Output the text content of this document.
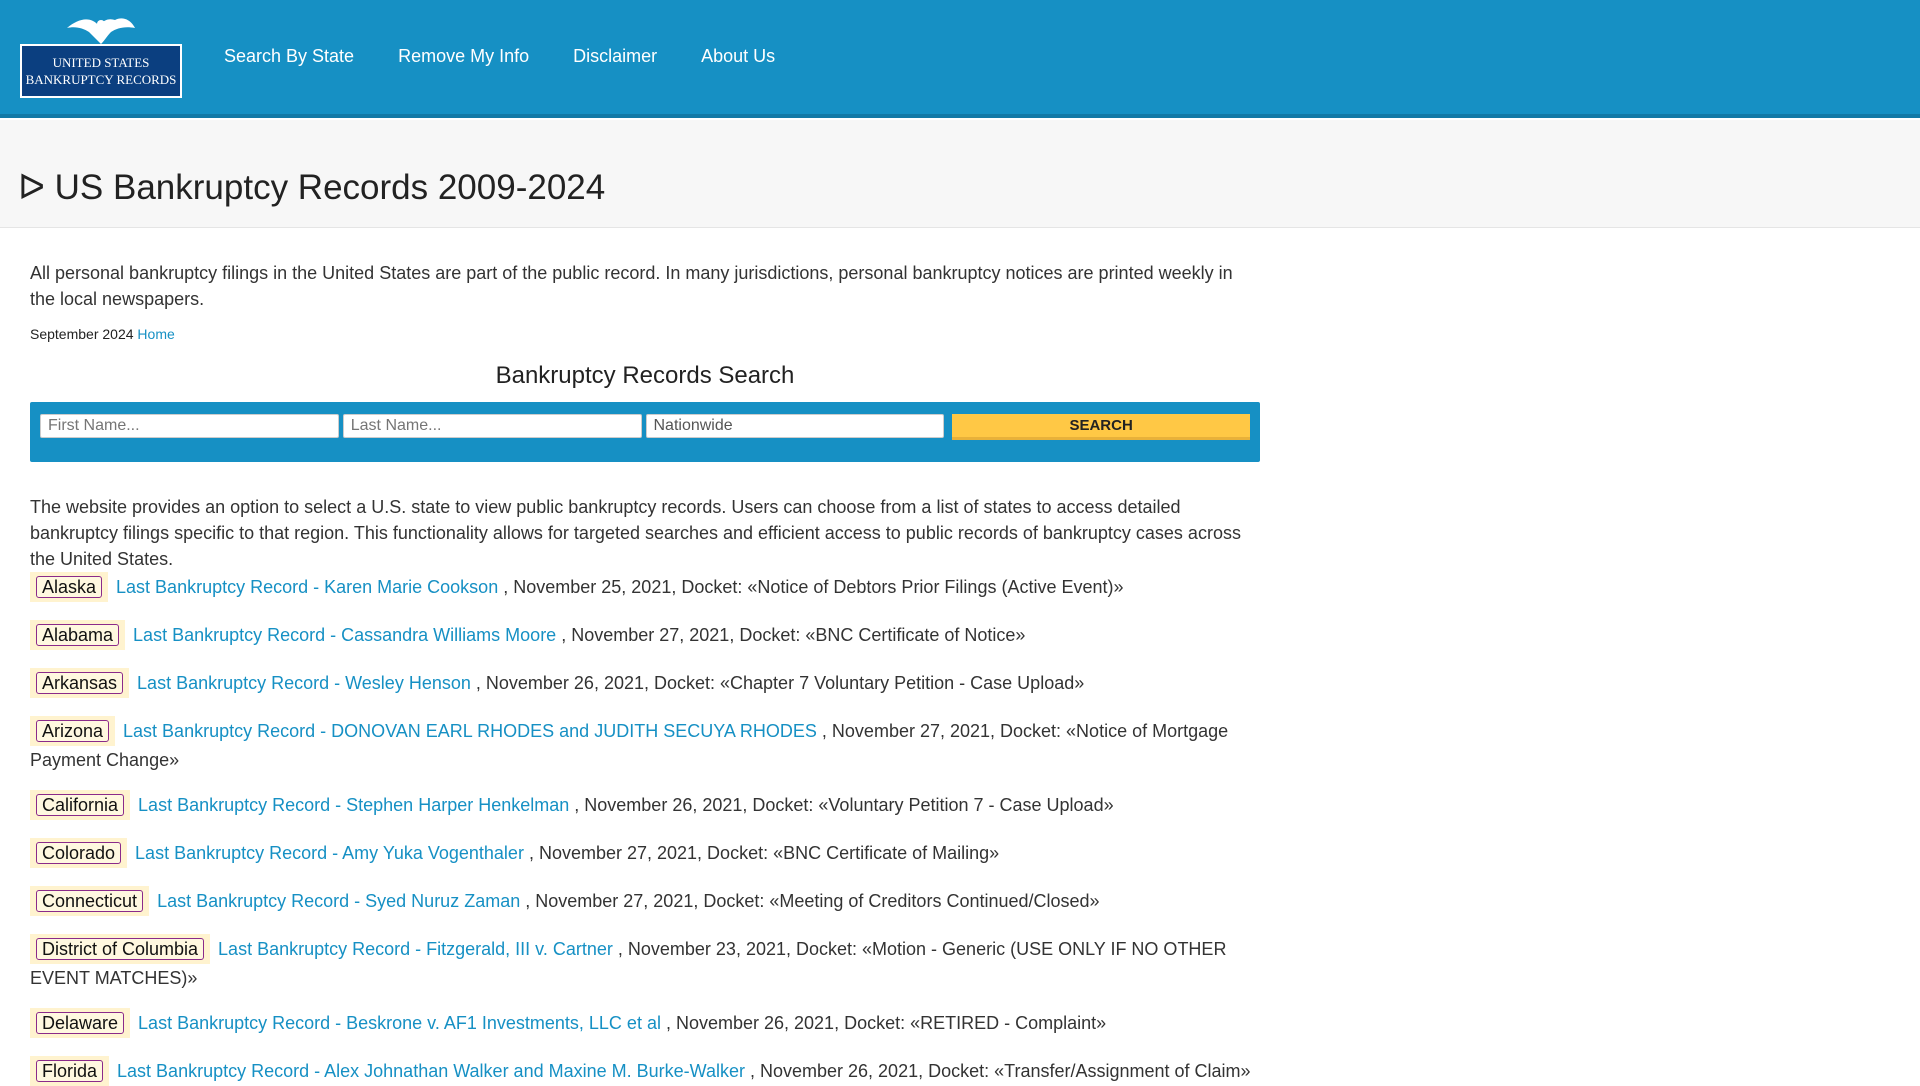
UNITED STATES
BANKRUPTCY RECORDS
Search By State Remove My Info Disclaimer About Us
ᐅ US Bankruptcy Records 2009-2024

All personal bankruptcy filings in the United States are part of the public record. In many jurisdictions, personal bankruptcy notices are printed weekly in the local newspapers.

September 2024 Home
Bankruptcy Records Search
First Name...
Last Name...
Nationwide
SEARCH

The website provides an option to select a U.S. state to view public bankruptcy records. Users can choose from a list of states to access detailed bankruptcy filings specific to that region. This functionality allows for targeted searches and efficient access to public records of bankruptcy cases across the United States.

Alaska Last Bankruptcy Record - Karen Marie Cookson , November 25, 2021, Docket: «Notice of Debtors Prior Filings (Active Event)»
Alabama Last Bankruptcy Record - Cassandra Williams Moore , November 27, 2021, Docket: «BNC Certificate of Notice»
Arkansas Last Bankruptcy Record - Wesley Henson , November 26, 2021, Docket: «Chapter 7 Voluntary Petition - Case Upload»
Arizona Last Bankruptcy Record - DONOVAN EARL RHODES and JUDITH SECUYA RHODES , November 27, 2021, Docket: «Notice of Mortgage Payment Change»
California Last Bankruptcy Record - Stephen Harper Henkelman , November 26, 2021, Docket: «Voluntary Petition 7 - Case Upload»
Colorado Last Bankruptcy Record - Amy Yuka Vogenthaler , November 27, 2021, Docket: «BNC Certificate of Mailing»
Connecticut Last Bankruptcy Record - Syed Nuruz Zaman , November 27, 2021, Docket: «Meeting of Creditors Continued/Closed»
District of Columbia Last Bankruptcy Record - Fitzgerald, III v. Cartner , November 23, 2021, Docket: «Motion - Generic (USE ONLY IF NO OTHER EVENT MATCHES)»
Delaware Last Bankruptcy Record - Beskrone v. AF1 Investments, LLC et al , November 26, 2021, Docket: «RETIRED - Complaint»
Florida Last Bankruptcy Record - Alex Johnathan Walker and Maxine M. Burke-Walker , November 26, 2021, Docket: «Transfer/Assignment of Claim»
